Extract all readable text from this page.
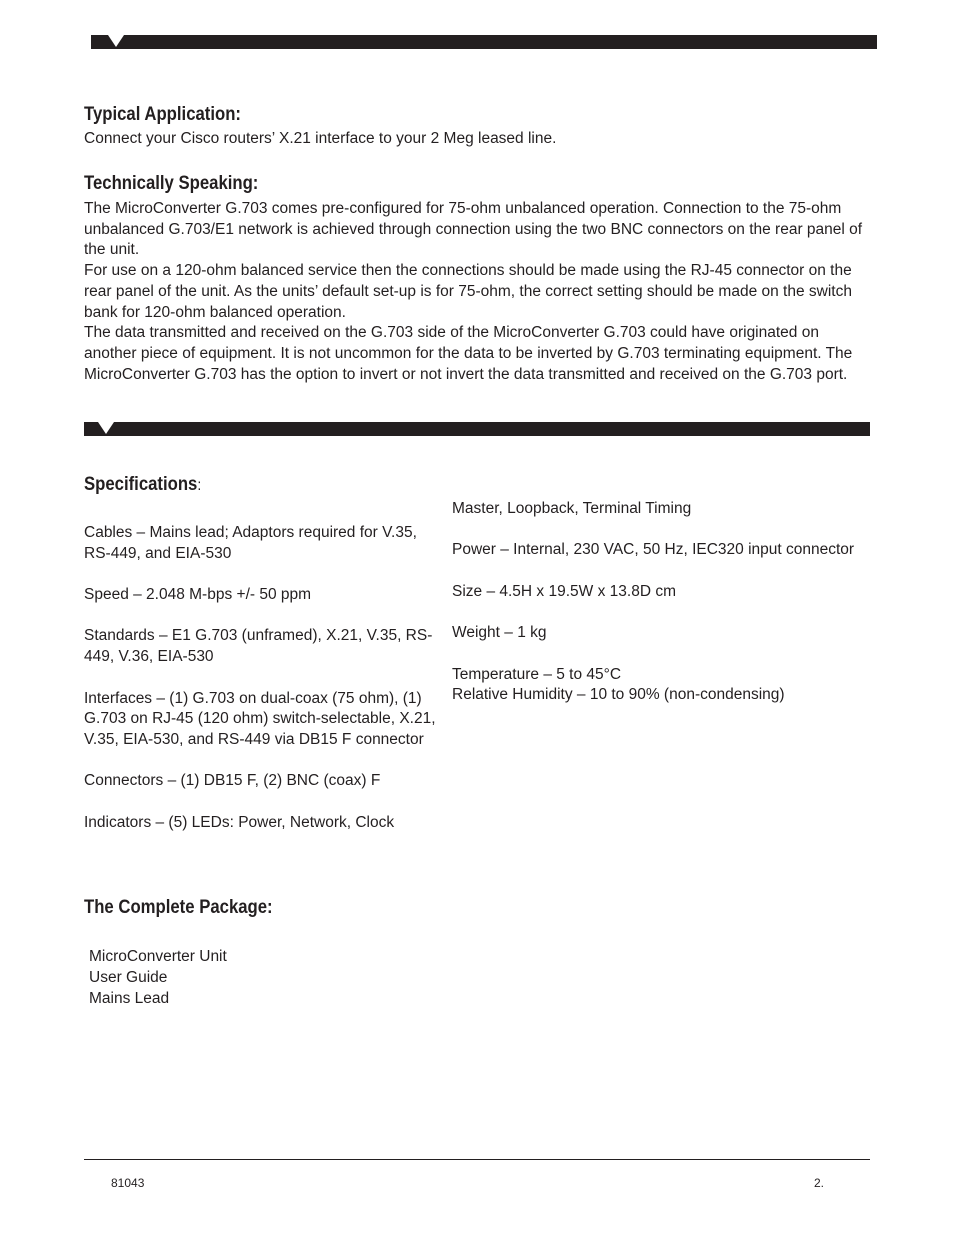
Typical Application:
Connect your Cisco routers’ X.21 interface to your 2 Meg leased line.
Technically Speaking:

The MicroConverter G.703 comes pre-configured for 75-ohm unbalanced operation. Connection to the 75-ohm unbalanced G.703/E1 network is achieved through connection using the two BNC connectors on the rear panel of the unit.

For use on a 120-ohm balanced service then the connections should be made using the RJ-45 connector on the rear panel of the unit. As the units’ default set-up is for 75-ohm, the correct setting should be made on the switch bank for 120-ohm balanced operation.

The data transmitted and received on the G.703 side of the MicroConverter G.703 could have originated on another piece of equipment. It is not uncommon for the data to be inverted by G.703 terminating equipment. The MicroConverter G.703 has the option to invert or not invert the data transmitted and received on the G.703 port.

Specifications:

Cables – Mains lead; Adaptors required for V.35, RS-449, and EIA-530

Speed – 2.048 M-bps +/- 50 ppm

Standards – E1 G.703 (unframed), X.21, V.35, RS-449, V.36, EIA-530

Interfaces – (1) G.703 on dual-coax (75 ohm), (1) G.703 on RJ-45 (120 ohm) switch-selectable, X.21, V.35, EIA-530, and RS-449 via DB15 F connector

Connectors – (1) DB15 F, (2) BNC (coax) F

Indicators – (5) LEDs: Power, Network, Clock

Master, Loopback, Terminal Timing

Power – Internal, 230 VAC, 50 Hz, IEC320 input connector

Size – 4.5H x 19.5W x 13.8D cm

Weight – 1 kg

Temperature – 5 to 45°C

Relative Humidity – 10 to 90% (non-condensing)

The Complete Package:
MicroConverter Unit
User Guide
Mains Lead
81043	2.
